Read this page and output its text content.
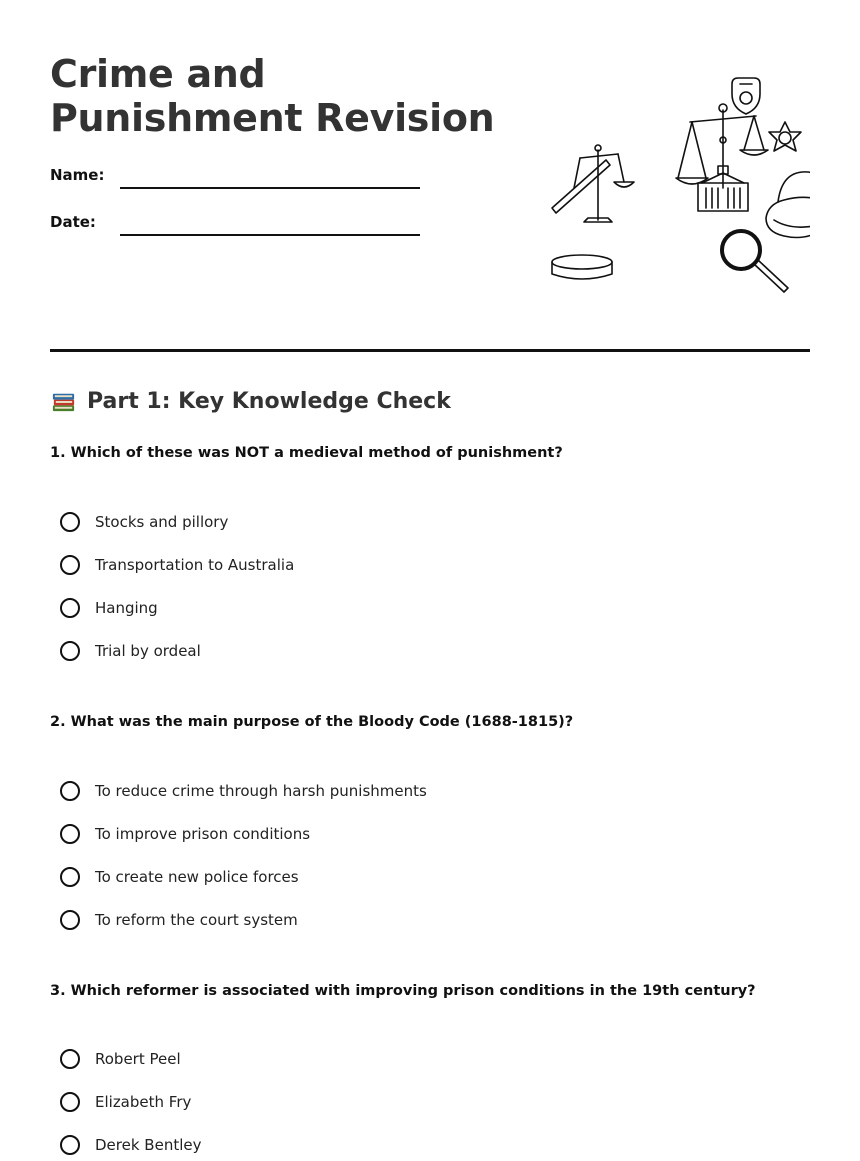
Crime and Punishment Revision
Name:
Date:
Part 1: Key Knowledge Check
1. Which of these was NOT a medieval method of punishment?
Stocks and pillory
Transportation to Australia
Hanging
Trial by ordeal
2. What was the main purpose of the Bloody Code (1688-1815)?
To reduce crime through harsh punishments
To improve prison conditions
To create new police forces
To reform the court system
3. Which reformer is associated with improving prison conditions in the 19th century?
Robert Peel
Elizabeth Fry
Derek Bentley
